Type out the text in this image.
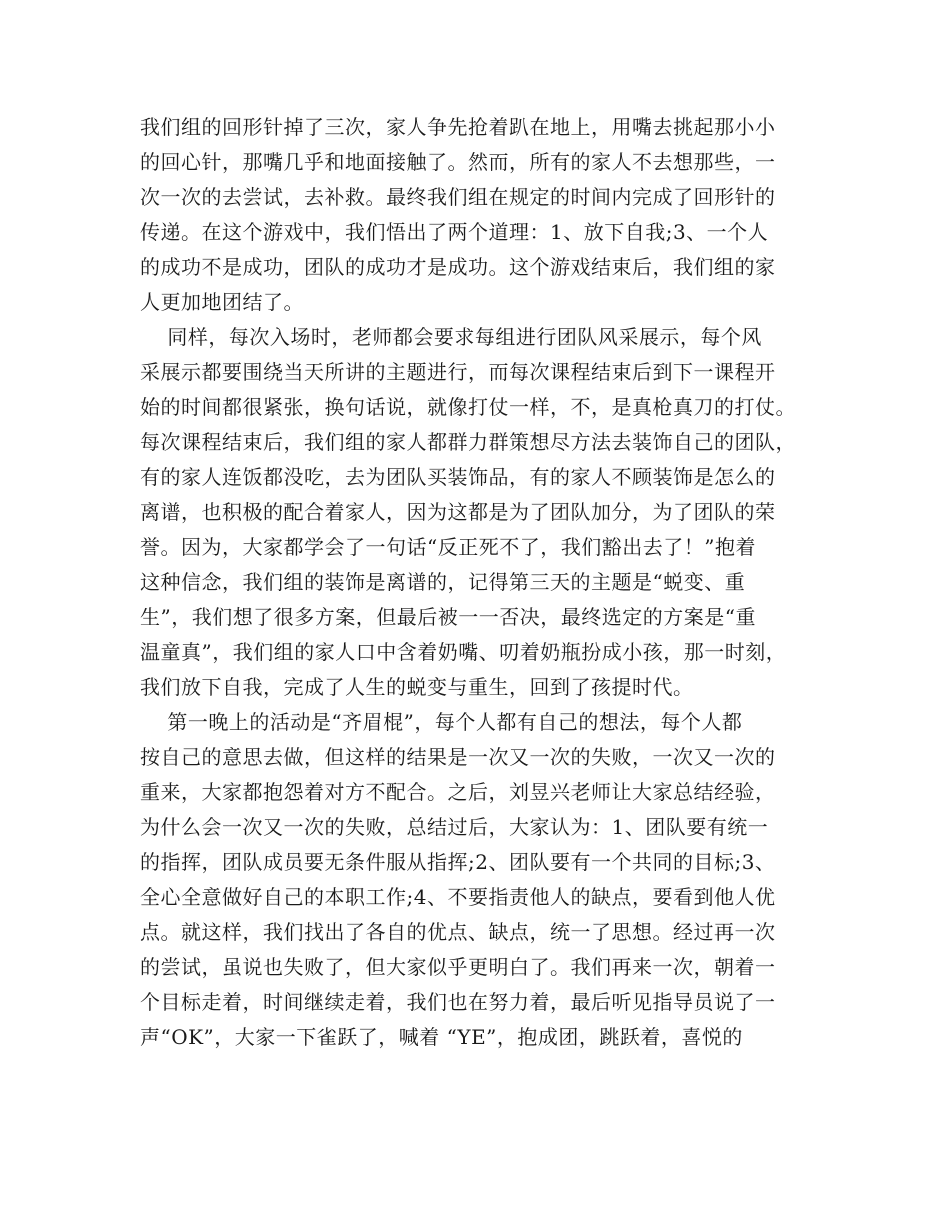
我们组的回形针掉了三次，家人争先抢着趴在地上，用嘴去挑起那小小
的回心针，那嘴几乎和地面接触了。然而，所有的家人不去想那些，一
次一次的去尝试，去补救。最终我们组在规定的时间内完成了回形针的
传递。在这个游戏中，我们悟出了两个道理：1、放下自我;3、一个人
的成功不是成功，团队的成功才是成功。这个游戏结束后，我们组的家
人更加地团结了。
同样，每次入场时，老师都会要求每组进行团队风采展示，每个风
采展示都要围绕当天所讲的主题进行，而每次课程结束后到下一课程开
始的时间都很紧张，换句话说，就像打仗一样，不，是真枪真刀的打仗。
每次课程结束后，我们组的家人都群力群策想尽方法去装饰自己的团队，
有的家人连饭都没吃，去为团队买装饰品，有的家人不顾装饰是怎么的
离谱，也积极的配合着家人，因为这都是为了团队加分，为了团队的荣
誉。因为，大家都学会了一句话“反正死不了，我们豁出去了！”抱着
这种信念，我们组的装饰是离谱的，记得第三天的主题是“蜕变、重
生”，我们想了很多方案，但最后被一一否决，最终选定的方案是“重
温童真”，我们组的家人口中含着奶嘴、叨着奶瓶扮成小孩，那一时刻，
我们放下自我，完成了人生的蜕变与重生，回到了孩提时代。
第一晚上的活动是“齐眉棍”，每个人都有自己的想法，每个人都
按自己的意思去做，但这样的结果是一次又一次的失败，一次又一次的
重来，大家都抱怨着对方不配合。之后，刘昱兴老师让大家总结经验，
为什么会一次又一次的失败，总结过后，大家认为：1、团队要有统一
的指挥，团队成员要无条件服从指挥;2、团队要有一个共同的目标;3、
全心全意做好自己的本职工作;4、不要指责他人的缺点，要看到他人优
点。就这样，我们找出了各自的优点、缺点，统一了思想。经过再一次
的尝试，虽说也失败了，但大家似乎更明白了。我们再来一次，朝着一
个目标走着，时间继续走着，我们也在努力着，最后听见指导员说了一
声“OK”，大家一下雀跃了，喊着 “YE”，抱成团，跳跃着，喜悦的
